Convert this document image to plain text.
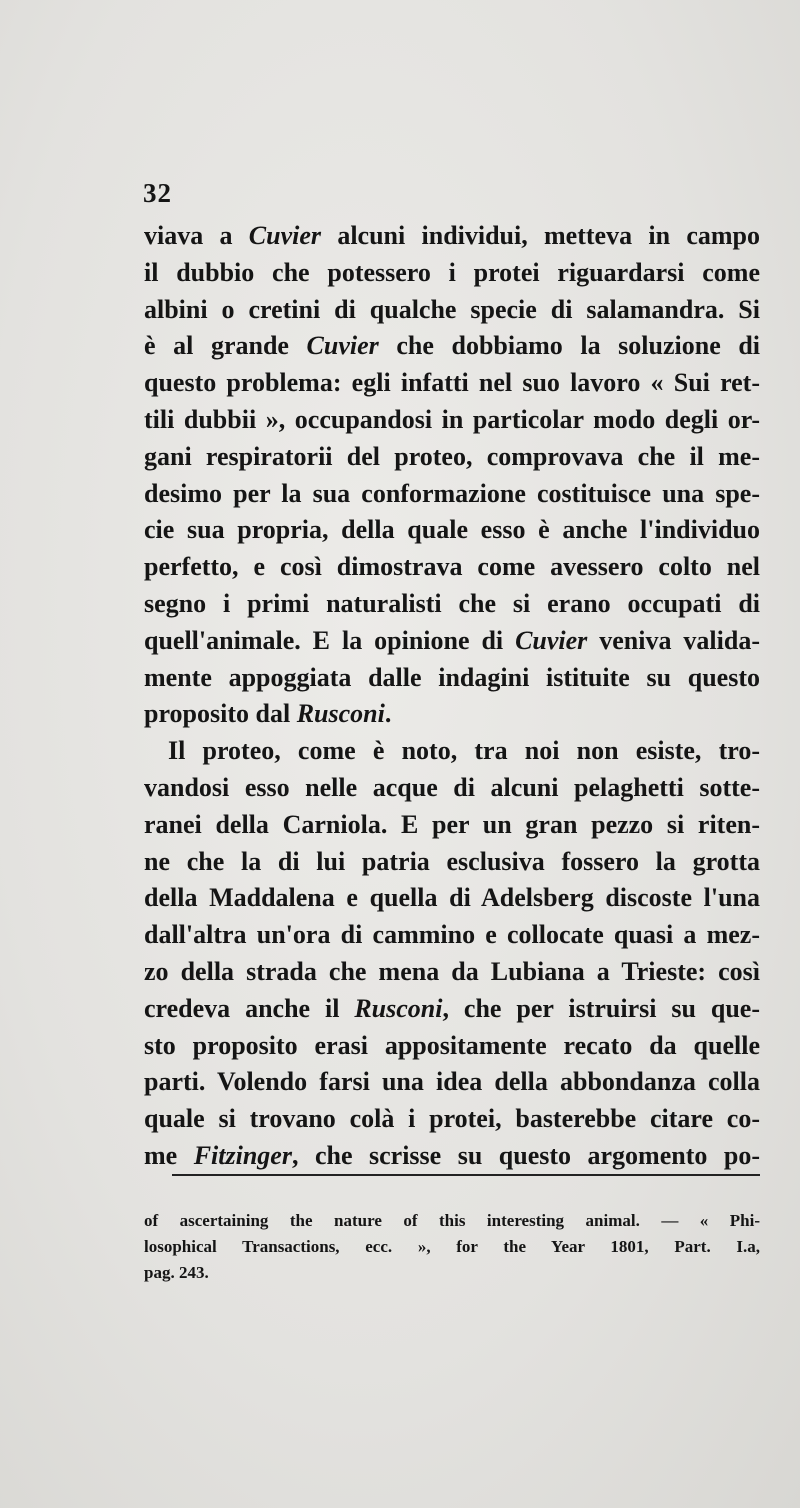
32
viava a Cuvier alcuni individui, metteva in campo
il dubbio che potessero i protei riguardarsi come
albini o cretini di qualche specie di salamandra. Si
è al grande Cuvier che dobbiamo la soluzione di
questo problema: egli infatti nel suo lavoro « Sui ret-
tili dubbii », occupandosi in particolar modo degli or-
gani respiratorii del proteo, comprovava che il me-
desimo per la sua conformazione costituisce una spe-
cie sua propria, della quale esso è anche l'individuo
perfetto, e così dimostrava come avessero colto nel
segno i primi naturalisti che si erano occupati di
quell'animale. E la opinione di Cuvier veniva valida-
mente appoggiata dalle indagini istituite su questo
proposito dal Rusconi.
Il proteo, come è noto, tra noi non esiste, tro-
vandosi esso nelle acque di alcuni pelaghetti sotte-
ranei della Carniola. E per un gran pezzo si riten-
ne che la di lui patria esclusiva fossero la grotta
della Maddalena e quella di Adelsberg discoste l'una
dall'altra un'ora di cammino e collocate quasi a mez-
zo della strada che mena da Lubiana a Trieste: così
credeva anche il Rusconi, che per istruirsi su que-
sto proposito erasi appositamente recato da quelle
parti. Volendo farsi una idea della abbondanza colla
quale si trovano colà i protei, basterebbe citare co-
me Fitzinger, che scrisse su questo argomento po-
of ascertaining the nature of this interesting animal. — « Phi-
losophical Transactions, ecc. », for the Year 1801, Part. I.a,
pag. 243.
